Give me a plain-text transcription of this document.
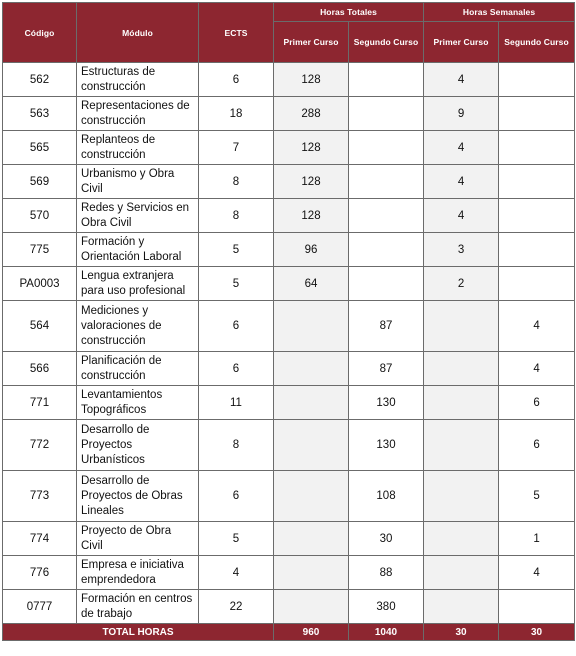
Código	Módulo	ECTS	Horas Totales		Horas Semanales	
			Primer Curso	Segundo Curso	Primer Curso	Segundo Curso
562	Estructuras de construcción	6	128		4	
563	Representaciones de construcción	18	288		9	
565	Replanteos de construcción	7	128		4	
569	Urbanismo y Obra Civil	8	128		4	
570	Redes y Servicios en Obra Civil	8	128		4	
775	Formación y Orientación Laboral	5	96		3	
PA0003	Lengua extranjera para uso profesional	5	64		2	
564	Mediciones y valoraciones de construcción	6		87		4
566	Planificación de construcción	6		87		4
771	Levantamientos Topográficos	11		130		6
772	Desarrollo de Proyectos Urbanísticos	8		130		6
773	Desarrollo de Proyectos de Obras Lineales	6		108		5
774	Proyecto de Obra Civil	5		30		1
776	Empresa e iniciativa emprendedora	4		88		4
0777	Formación en centros de trabajo	22		380		
TOTAL HORAS			960	1040	30	30
